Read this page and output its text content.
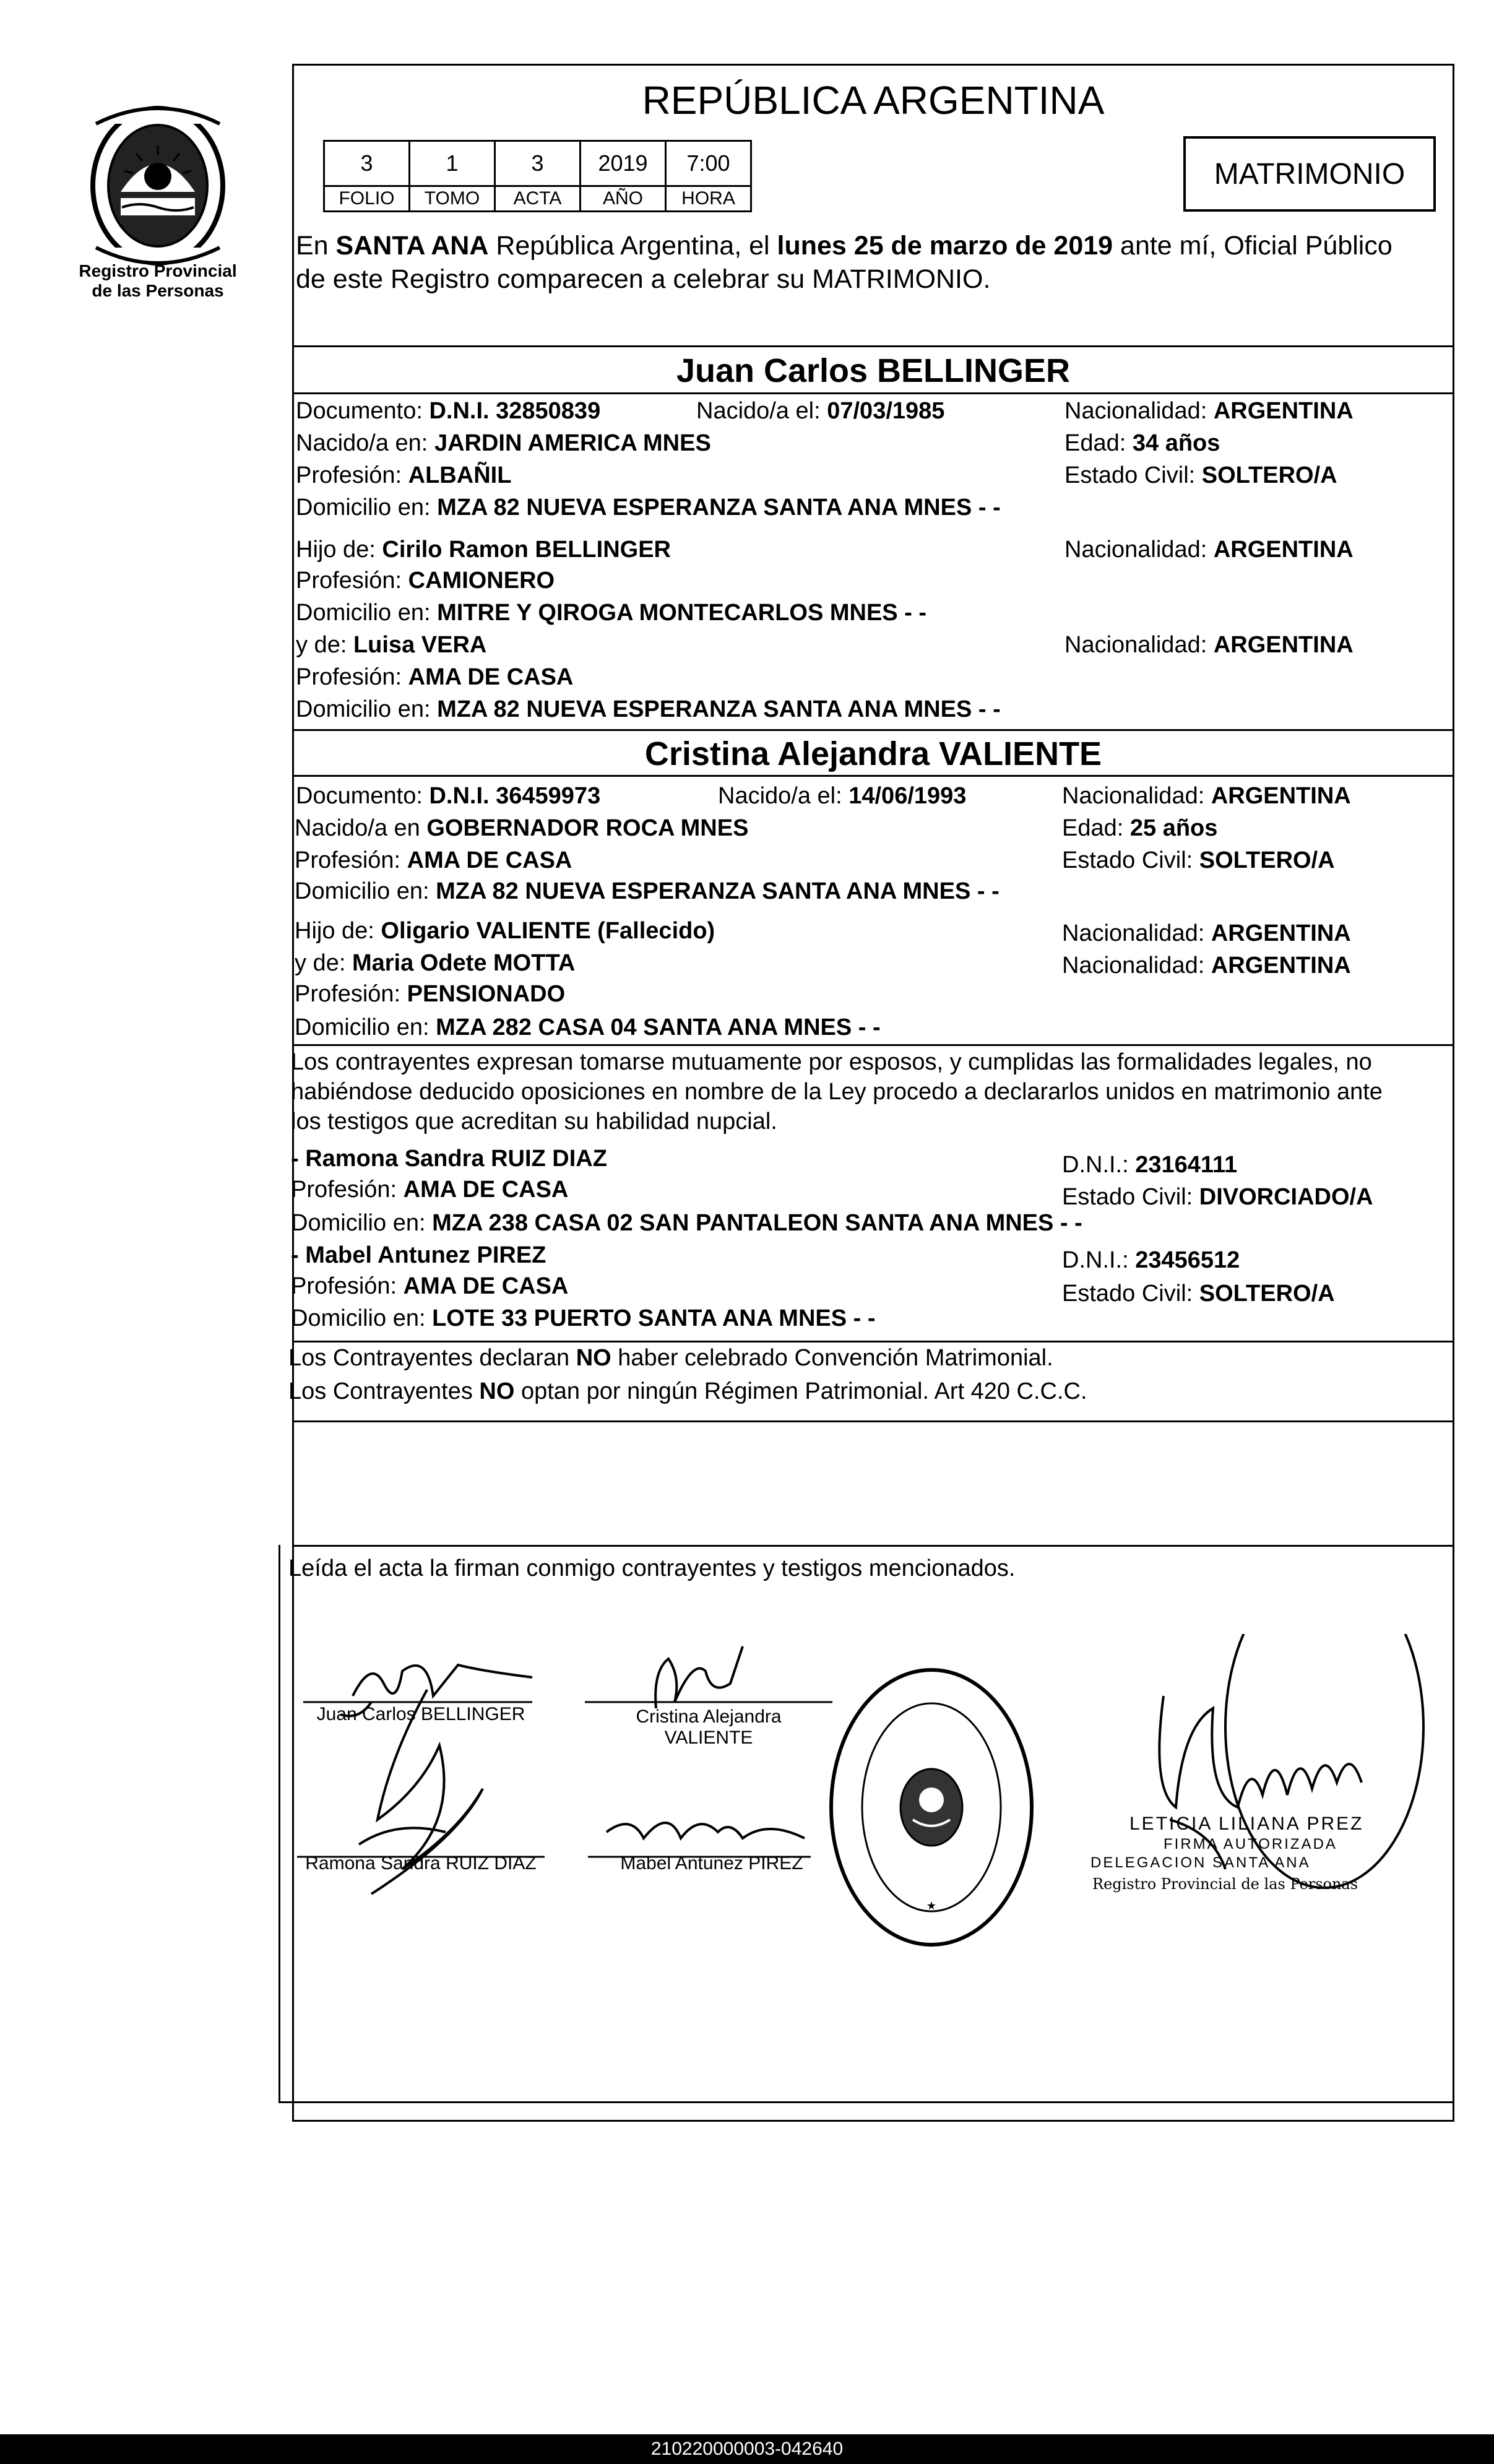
Registro Provincial
de las Personas
REPÚBLICA ARGENTINA
3	1	3	2019	7:00
FOLIO	TOMO	ACTA	AÑO	HORA
MATRIMONIO
En SANTA ANA República Argentina, el lunes 25 de marzo de 2019 ante mí, Oficial Público
de este Registro comparecen a celebrar su MATRIMONIO.
Juan Carlos BELLINGER
Documento: D.N.I. 32850839	Nacido/a el: 07/03/1985	Nacionalidad: ARGENTINA
Nacido/a en: JARDIN AMERICA MNES	Edad: 34 años
Profesión: ALBAÑIL	Estado Civil: SOLTERO/A
Domicilio en: MZA 82 NUEVA ESPERANZA SANTA ANA MNES - -
Hijo de: Cirilo Ramon BELLINGER	Nacionalidad: ARGENTINA
Profesión: CAMIONERO
Domicilio en: MITRE Y QIROGA MONTECARLOS MNES - -
y de: Luisa VERA	Nacionalidad: ARGENTINA
Profesión: AMA DE CASA
Domicilio en: MZA 82 NUEVA ESPERANZA SANTA ANA MNES - -
Cristina Alejandra VALIENTE
Documento: D.N.I. 36459973	Nacido/a el: 14/06/1993	Nacionalidad: ARGENTINA
Nacido/a en GOBERNADOR ROCA MNES	Edad: 25 años
Profesión: AMA DE CASA	Estado Civil: SOLTERO/A
Domicilio en: MZA 82 NUEVA ESPERANZA SANTA ANA MNES - -
Hijo de: Oligario VALIENTE (Fallecido)	Nacionalidad: ARGENTINA
y de: Maria Odete MOTTA	Nacionalidad: ARGENTINA
Profesión: PENSIONADO
Domicilio en: MZA 282 CASA 04 SANTA ANA MNES - -
Los contrayentes expresan tomarse mutuamente por esposos, y cumplidas las formalidades legales, no
habiéndose deducido oposiciones en nombre de la Ley procedo a declararlos unidos en matrimonio ante
los testigos que acreditan su habilidad nupcial.
- Ramona Sandra RUIZ DIAZ	D.N.I.: 23164111
Profesión: AMA DE CASA	Estado Civil: DIVORCIADO/A
Domicilio en: MZA 238 CASA 02 SAN PANTALEON SANTA ANA MNES - -
- Mabel Antunez PIREZ	D.N.I.: 23456512
Profesión: AMA DE CASA	Estado Civil: SOLTERO/A
Domicilio en: LOTE 33 PUERTO SANTA ANA MNES - -
Los Contrayentes declaran NO haber celebrado Convención Matrimonial.
Los Contrayentes NO optan por ningún Régimen Patrimonial. Art 420 C.C.C.
Leída el acta la firman conmigo contrayentes y testigos mencionados.
Juan Carlos BELLINGER	Cristina Alejandra
VALIENTE
Ramona Sandra RUIZ DIAZ	Mabel Antunez PIREZ
★
LETICIA LILIANA PREZ
FIRMA AUTORIZADA
DELEGACION SANTA ANA
Registro Provincial de las Personas
210220000003-042640
